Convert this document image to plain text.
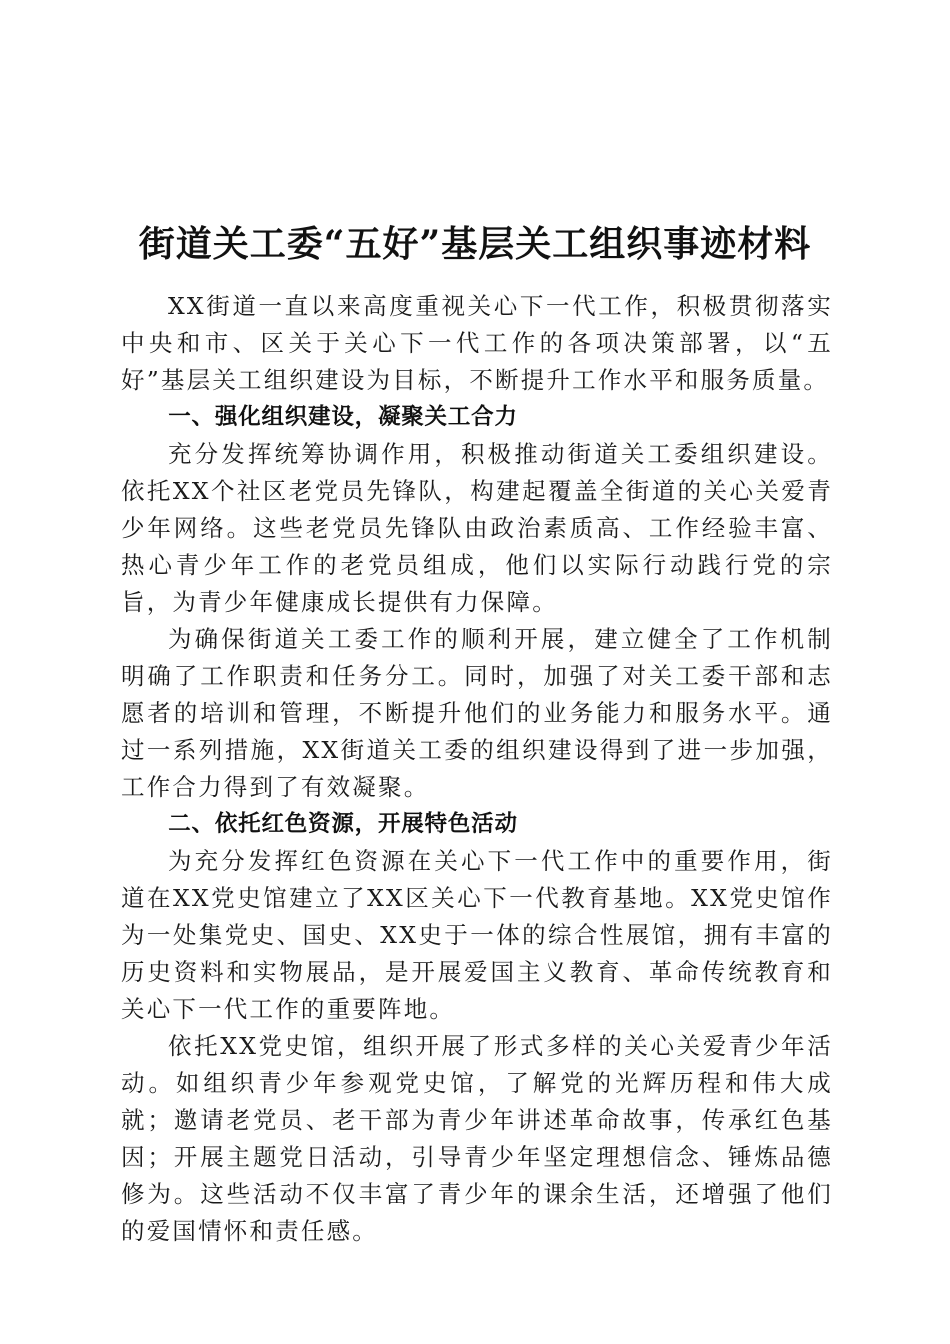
街道关工委“五好”基层关工组织事迹材料

XX街道一直以来高度重视关心下一代工作，积极贯彻落实中央和市、区关于关心下一代工作的各项决策部署，以“五好”基层关工组织建设为目标，不断提升工作水平和服务质量。

一、强化组织建设，凝聚关工合力

充分发挥统筹协调作用，积极推动街道关工委组织建设。依托XX个社区老党员先锋队，构建起覆盖全街道的关心关爱青少年网络。这些老党员先锋队由政治素质高、工作经验丰富、热心青少年工作的老党员组成，他们以实际行动践行党的宗旨，为青少年健康成长提供有力保障。

为确保街道关工委工作的顺利开展，建立健全了工作机制明确了工作职责和任务分工。同时，加强了对关工委干部和志愿者的培训和管理，不断提升他们的业务能力和服务水平。通过一系列措施，XX街道关工委的组织建设得到了进一步加强，工作合力得到了有效凝聚。

二、依托红色资源，开展特色活动

为充分发挥红色资源在关心下一代工作中的重要作用，街道在XX党史馆建立了XX区关心下一代教育基地。XX党史馆作为一处集党史、国史、XX史于一体的综合性展馆，拥有丰富的历史资料和实物展品，是开展爱国主义教育、革命传统教育和关心下一代工作的重要阵地。

依托XX党史馆，组织开展了形式多样的关心关爱青少年活动。如组织青少年参观党史馆，了解党的光辉历程和伟大成就；邀请老党员、老干部为青少年讲述革命故事，传承红色基因；开展主题党日活动，引导青少年坚定理想信念、锤炼品德修为。这些活动不仅丰富了青少年的课余生活，还增强了他们的爱国情怀和责任感。
